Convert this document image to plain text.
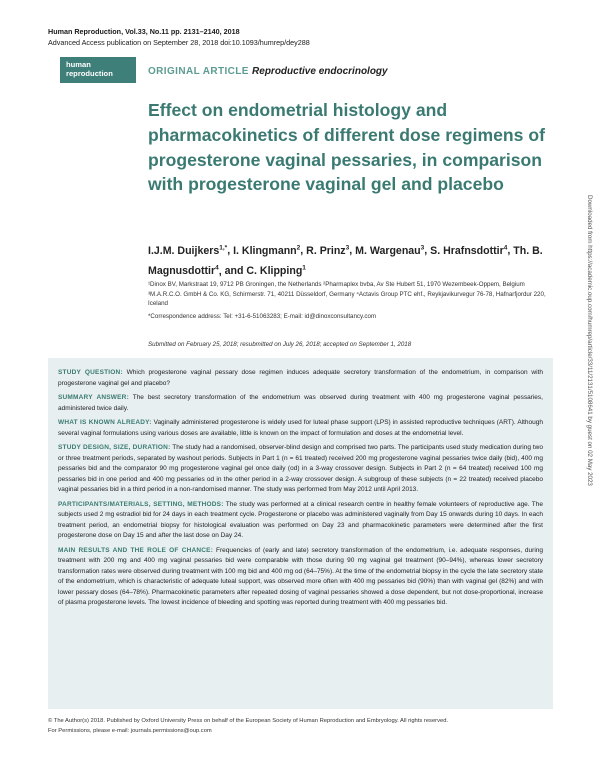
Human Reproduction, Vol.33, No.11 pp. 2131–2140, 2018
Advanced Access publication on September 28, 2018 doi:10.1093/humrep/dey288
human
reproduction	ORIGINAL ARTICLE Reproductive endocrinology
Effect on endometrial histology and pharmacokinetics of different dose regimens of progesterone vaginal pessaries, in comparison with progesterone vaginal gel and placebo
I.J.M. Duijkers$^{1,*}$, I. Klingmann$^2$, R. Prinz$^3$, M. Wargenau$^3$, S. Hrafnsdottir$^4$, Th. B. Magnusdottir$^4$, and C. Klipping$^1$
¹Dinox BV, Markstraat 19, 9712 PB Groningen, the Netherlands ²Pharmaplex bvba, Av Ste Hubert 51, 1970 Wezembeek-Oppem, Belgium ³M.A.R.C.O. GmbH & Co. KG, Schirmerstr. 71, 40211 Düsseldorf, Germany ⁴Actavis Group PTC ehf., Reykjavikurvegur 76-78, Hafnarfjordur 220, Iceland
*Correspondence address: Tel: +31-6-51063283; E-mail: id@dinoxconsultancy.com
Submitted on February 25, 2018; resubmitted on July 26, 2018; accepted on September 1, 2018
STUDY QUESTION: Which progesterone vaginal pessary dose regimen induces adequate secretory transformation of the endometrium, in comparison with progesterone vaginal gel and placebo?
SUMMARY ANSWER: The best secretory transformation of the endometrium was observed during treatment with 400 mg progesterone vaginal pessaries, administered twice daily.
WHAT IS KNOWN ALREADY: Vaginally administered progesterone is widely used for luteal phase support (LPS) in assisted reproductive techniques (ART). Although several vaginal formulations using various doses are available, little is known on the impact of formulation and doses at the endometrial level.
STUDY DESIGN, SIZE, DURATION: The study had a randomised, observer-blind design and comprised two parts. The participants used study medication during two or three treatment periods, separated by washout periods. Subjects in Part 1 (n = 61 treated) received 200 mg progesterone vaginal pessaries twice daily (bid), 400 mg pessaries bid and the comparator 90 mg progesterone vaginal gel once daily (od) in a 3-way crossover design. Subjects in Part 2 (n = 64 treated) received 100 mg pessaries bid in one period and 400 mg pessaries od in the other period in a 2-way crossover design. A subgroup of these subjects (n = 22 treated) received placebo vaginal pessaries bid in a third period in a non-randomised manner. The study was performed from May 2012 until April 2013.
PARTICIPANTS/MATERIALS, SETTING, METHODS: The study was performed at a clinical research centre in healthy female volunteers of reproductive age. The subjects used 2 mg estradiol bid for 24 days in each treatment cycle. Progesterone or placebo was administered vaginally from Day 15 onwards during 10 days. In each treatment period, an endometrial biopsy for histological evaluation was performed on Day 23 and pharmacokinetic parameters were determined after the first progesterone dose on Day 15 and after the last dose on Day 24.
MAIN RESULTS AND THE ROLE OF CHANCE: Frequencies of (early and late) secretory transformation of the endometrium, i.e. adequate responses, during treatment with 200 mg and 400 mg vaginal pessaries bid were comparable with those during 90 mg vaginal gel treatment (90–94%), whereas lower secretory transformation rates were observed during treatment with 100 mg bid and 400 mg od (64–75%). At the time of the endometrial biopsy in the cycle the late secretory state of the endometrium, which is characteristic of adequate luteal support, was observed more often with 400 mg pessaries bid (90%) than with vaginal gel (82%) and with lower pessary doses (64–78%). Pharmacokinetic parameters after repeated dosing of vaginal pessaries showed a dose dependent, but not dose-proportional, increase of plasma progesterone levels. The lowest incidence of bleeding and spotting was reported during treatment with 400 mg pessaries bid.
© The Author(s) 2018. Published by Oxford University Press on behalf of the European Society of Human Reproduction and Embryology. All rights reserved.
For Permissions, please e-mail: journals.permissions@oup.com
Downloaded from https://academic.oup.com/humrep/article/33/11/2131/5108641 by guest on 02 May 2023
